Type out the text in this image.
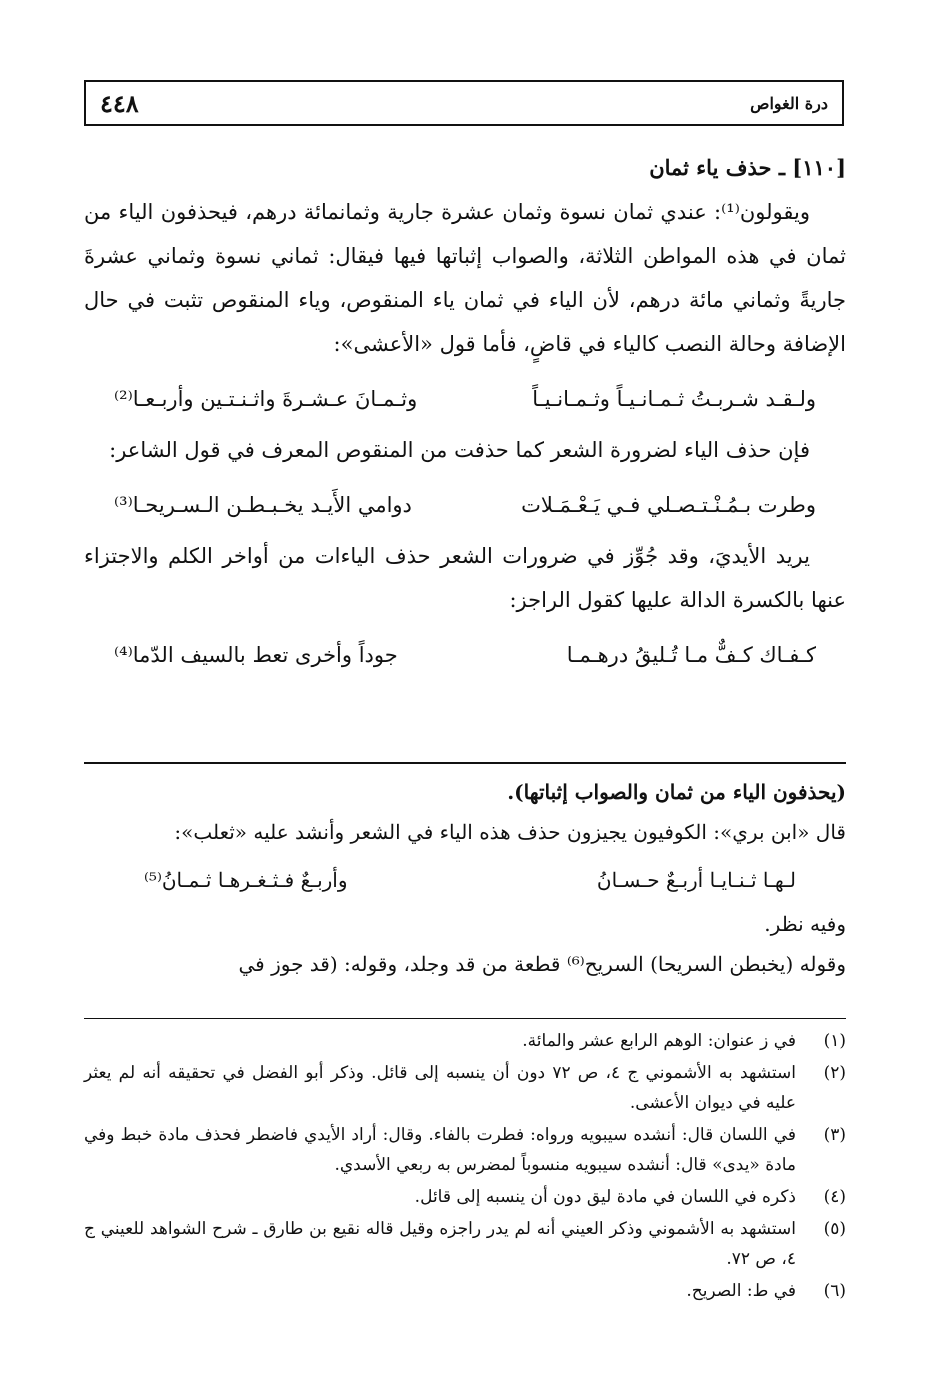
٤٤٨	درة الغواص
[١١٠] ـ حذف ياء ثمان

ويقولون⁽¹⁾: عندي ثمان نسوة وثمان عشرة جارية وثمانمائة درهم، فيحذفون الياء من ثمان في هذه المواطن الثلاثة، والصواب إثباتها فيها فيقال: ثماني نسوة وثماني عشرةَ جاريةً وثماني مائة درهم، لأن الياء في ثمان ياء المنقوص، وياء المنقوص تثبت في حال الإضافة وحالة النصب كالياء في قاضٍ، فأما قول «الأعشى»:

ولـقـد شـربـتُ ثـمـانـيـاً وثـمـانـيـاً
وثـمـانَ عـشـرةَ واثـنـتـين وأربـعـا⁽²⁾

فإن حذف الياء لضرورة الشعر كما حذفت من المنقوص المعرف في قول الشاعر:

وطرت بـمُـنْـتـصـلي فـي يَـعْـمَـلات
دوامي الأَيـد يخـبـطـن الـسـريحـا⁽³⁾

يريد الأيديَ، وقد جُوِّز في ضرورات الشعر حذف الياءات من أواخر الكلم والاجتزاء عنها بالكسرة الدالة عليها كقول الراجز:

كـفـاك كـفٌّ مـا تُـليقُ درهـمـا
جوداً وأخرى تعط بالسيف الدّما⁽⁴⁾

(يحذفون الياء من ثمان والصواب إثباتها).

قال «ابن بري»: الكوفيون يجيزون حذف هذه الياء في الشعر وأنشد عليه «ثعلب»:

لـهـا ثـنـايـا أربـعٌ حـسـانُ
وأربـعٌ فـثـغـرهـا ثـمـانُ⁽⁵⁾

وفيه نظر.

وقوله (يخبطن السريحا) السريح⁽⁶⁾ قطعة من قد وجلد، وقوله: (قد جوز في

(١)
في ز عنوان: الوهم الرابع عشر والمائة.
(٢)
استشهد به الأشموني ج ٤، ص ٧٢ دون أن ينسبه إلى قائل. وذكر أبو الفضل في تحقيقه أنه لم يعثر عليه في ديوان الأعشى.
(٣)
في اللسان قال: أنشده سيبويه ورواه: فطرت بالفاء. وقال: أراد الأيدي فاضطر فحذف مادة خبط وفي مادة «يدى» قال: أنشده سيبويه منسوباً لمضرس به ربعي الأسدي.
(٤)
ذكره في اللسان في مادة ليق دون أن ينسبه إلى قائل.
(٥)
استشهد به الأشموني وذكر العيني أنه لم يدر راجزه وقيل قاله نقيع بن طارق ـ شرح الشواهد للعيني ج ٤، ص ٧٢.
(٦)
في ط: الصريح.
